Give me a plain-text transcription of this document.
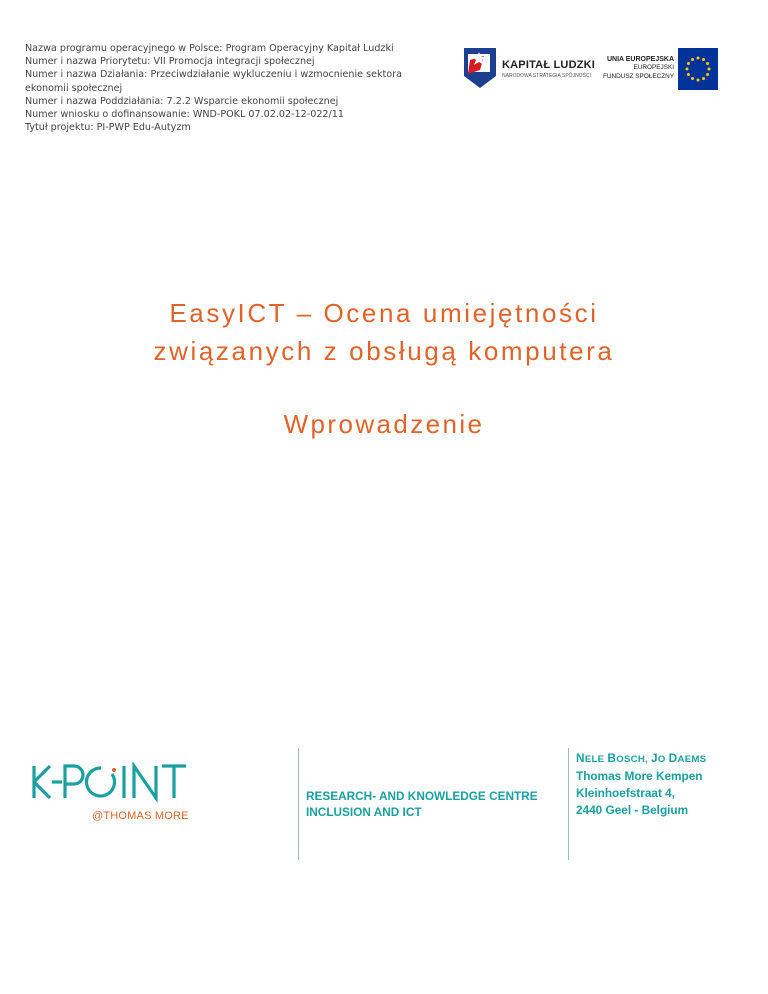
Nazwa programu operacyjnego w Polsce: Program Operacyjny Kapitał Ludzki
Numer i nazwa Priorytetu: VII Promocja integracji społecznej
Numer i nazwa Działania: Przeciwdziałanie wykluczeniu i wzmocnienie sektora ekonomii społecznej
Numer i nazwa Poddziałania: 7.2.2 Wsparcie ekonomii społecznej
Numer wniosku o dofinansowanie: WND-POKL 07.02.02-12-022/11
Tytuł projektu: PI-PWP Edu-Autyzm
KAPITAŁ LUDZKI
NARODOWA STRATEGIA SPÓJNOŚCI
UNIA EUROPEJSKA
EUROPEJSKI
FUNDUSZ SPOŁECZNY
EasyICT – Ocena umiejętności
związanych z obsługą komputera
Wprowadzenie
@THOMAS MORE
RESEARCH- AND KNOWLEDGE CENTRE
INCLUSION AND ICT
NELE BOSCH, JO DAEMS
Thomas More Kempen
Kleinhoefstraat 4,
2440 Geel - Belgium
